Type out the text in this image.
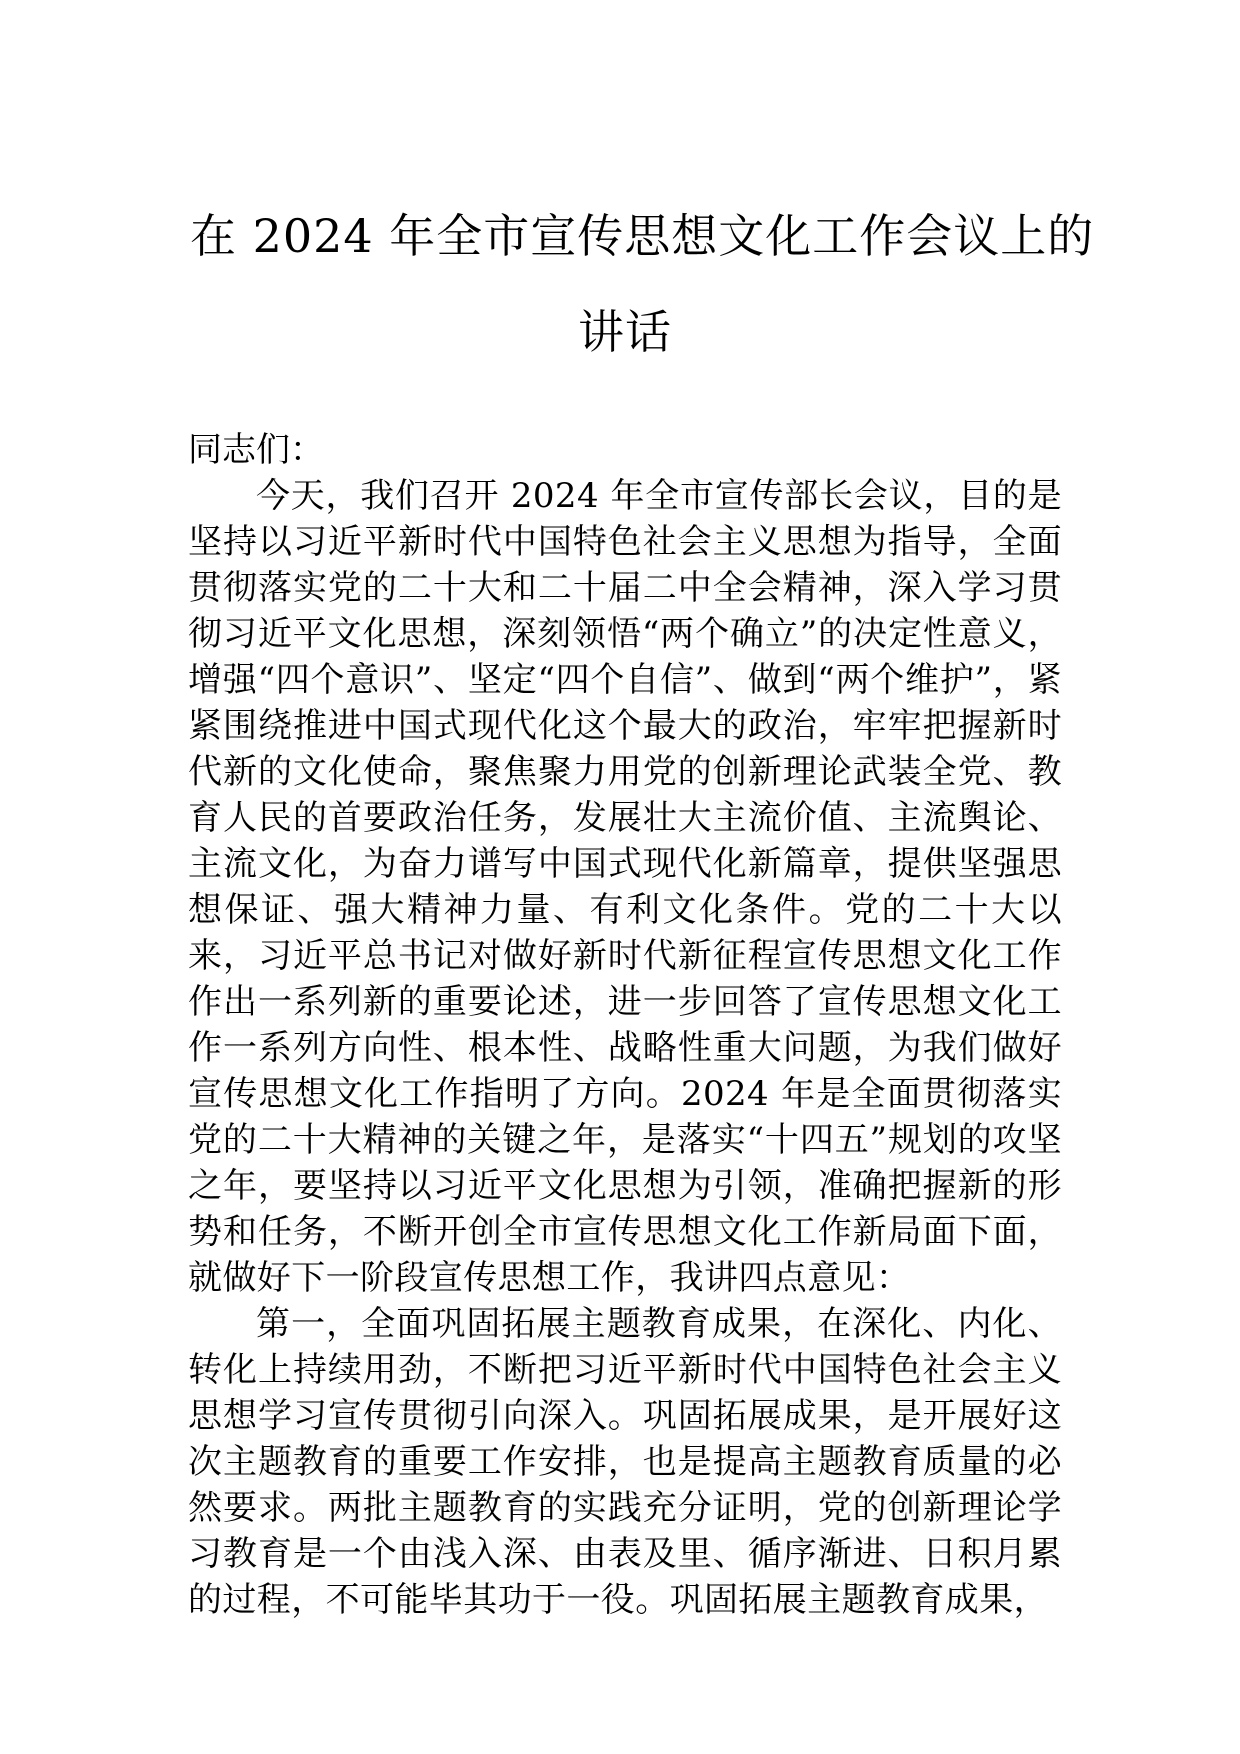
在 2024 年全市宣传思想文化工作会议上的
讲话

同志们：

今天，我们召开 2024 年全市宣传部长会议，目的是坚持以习近平新时代中国特色社会主义思想为指导，全面贯彻落实党的二十大和二十届二中全会精神，深入学习贯彻习近平文化思想，深刻领悟“两个确立”的决定性意义，增强“四个意识”、坚定“四个自信”、做到“两个维护”，紧紧围绕推进中国式现代化这个最大的政治，牢牢把握新时代新的文化使命，聚焦聚力用党的创新理论武装全党、教育人民的首要政治任务，发展壮大主流价值、主流舆论、主流文化，为奋力谱写中国式现代化新篇章，提供坚强思想保证、强大精神力量、有利文化条件。党的二十大以来，习近平总书记对做好新时代新征程宣传思想文化工作作出一系列新的重要论述，进一步回答了宣传思想文化工作一系列方向性、根本性、战略性重大问题，为我们做好宣传思想文化工作指明了方向。2024 年是全面贯彻落实党的二十大精神的关键之年，是落实“十四五”规划的攻坚之年，要坚持以习近平文化思想为引领，准确把握新的形势和任务，不断开创全市宣传思想文化工作新局面下面，就做好下一阶段宣传思想工作，我讲四点意见：

第一，全面巩固拓展主题教育成果，在深化、内化、转化上持续用劲，不断把习近平新时代中国特色社会主义思想学习宣传贯彻引向深入。巩固拓展成果，是开展好这次主题教育的重要工作安排，也是提高主题教育质量的必然要求。两批主题教育的实践充分证明，党的创新理论学习教育是一个由浅入深、由表及里、循序渐进、日积月累的过程，不可能毕其功于一役。巩固拓展主题教育成果，
